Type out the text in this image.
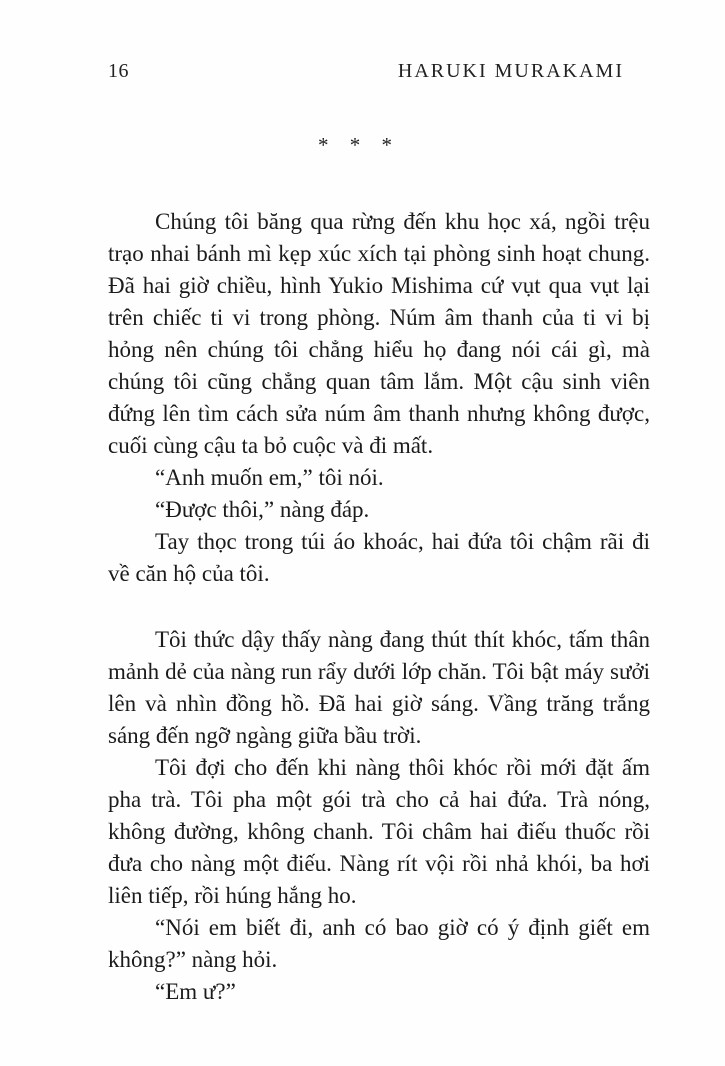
16	HARUKI MURAKAMI
* * *

Chúng tôi băng qua rừng đến khu học xá, ngồi trệu trạo nhai bánh mì kẹp xúc xích tại phòng sinh hoạt chung. Đã hai giờ chiều, hình Yukio Mishima cứ vụt qua vụt lại trên chiếc ti vi trong phòng. Núm âm thanh của ti vi bị hỏng nên chúng tôi chẳng hiểu họ đang nói cái gì, mà chúng tôi cũng chẳng quan tâm lắm. Một cậu sinh viên đứng lên tìm cách sửa núm âm thanh nhưng không được, cuối cùng cậu ta bỏ cuộc và đi mất.

“Anh muốn em,” tôi nói.

“Được thôi,” nàng đáp.

Tay thọc trong túi áo khoác, hai đứa tôi chậm rãi đi về căn hộ của tôi.

Tôi thức dậy thấy nàng đang thút thít khóc, tấm thân mảnh dẻ của nàng run rẩy dưới lớp chăn. Tôi bật máy sưởi lên và nhìn đồng hồ. Đã hai giờ sáng. Vầng trăng trắng sáng đến ngỡ ngàng giữa bầu trời.

Tôi đợi cho đến khi nàng thôi khóc rồi mới đặt ấm pha trà. Tôi pha một gói trà cho cả hai đứa. Trà nóng, không đường, không chanh. Tôi châm hai điếu thuốc rồi đưa cho nàng một điếu. Nàng rít vội rồi nhả khói, ba hơi liên tiếp, rồi húng hắng ho.

“Nói em biết đi, anh có bao giờ có ý định giết em không?” nàng hỏi.

“Em ư?”
